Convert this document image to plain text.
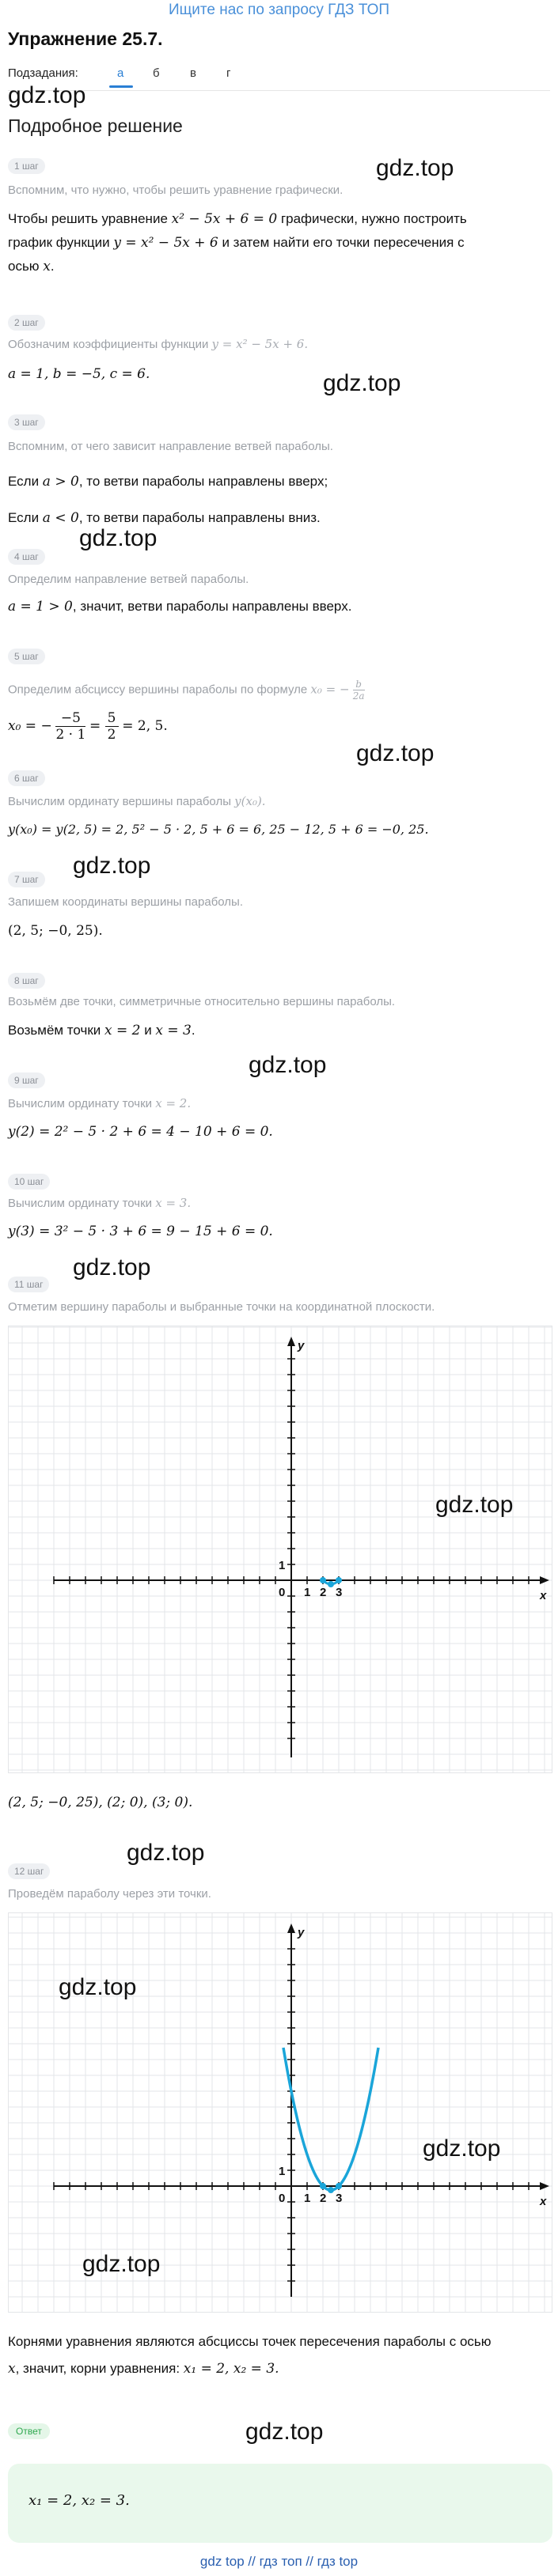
Ищите нас по запросу ГДЗ ТОП
Упражнение 25.7.
Подзадания:	а б	в	г
gdz.top
Подробное решение
1 шаг	gdz.top
Вспомним, что нужно, чтобы решить уравнение графически.
Чтобы решить уравнение x² − 5x + 6 = 0 графически, нужно построить
график функции y = x² − 5x + 6 и затем найти его точки пересечения с
осью x.
2 шаг
Обозначим коэффициенты функции y = x² − 5x + 6.
gdz.top
a = 1, b = −5, c = 6.
3 шаг
Вспомним, от чего зависит направление ветвей параболы.
Если a > 0, то ветви параболы направлены вверх;
Если a < 0, то ветви параболы направлены вниз.
gdz.top
4 шаг
Определим направление ветвей параболы.
a = 1 > 0, значит, ветви параболы направлены вверх.
5 шаг
Определим абсциссу вершины параболы по формуле x₀ = − $\frac{b}{2a}$
x₀ = − $\frac{-5}{2 \cdot 1} = \frac{5}{2} = 2$, 5.
gdz.top
6 шаг
Вычислим ординату вершины параболы y(x₀).
y(x₀) = y(2, 5) = 2, 5² − 5 · 2, 5 + 6 = 6, 25 − 12, 5 + 6 = −0, 25.
gdz.top
7 шаг
Запишем координаты вершины параболы.
(2, 5; −0, 25).
8 шаг
Возьмём две точки, симметричные относительно вершины параболы.
Возьмём точки x = 2 и x = 3.
gdz.top
9 шаг
Вычислим ординату точки x = 2.
y(2) = 2² − 5 · 2 + 6 = 4 − 10 + 6 = 0.
10 шаг
Вычислим ординату точки x = 3.
y(3) = 3² − 5 · 3 + 6 = 9 − 15 + 6 = 0.
gdz.top
11 шаг
Отметим вершину параболы и выбранные точки на координатной плоскости.
x
y
0 1 2 3
1
gdz.top
(2, 5; −0, 25), (2; 0), (3; 0).
gdz.top
12 шаг
Проведём параболу через эти точки.
x
y
0 1 2 3
1
gdz.top
gdz.top
gdz.top
Корнями уравнения являются абсциссы точек пересечения параболы с осью
x, значит, корни уравнения: x₁ = 2, x₂ = 3.
Ответ	gdz.top
x₁ = 2, x₂ = 3.
gdz top // гдз топ // гдз top
